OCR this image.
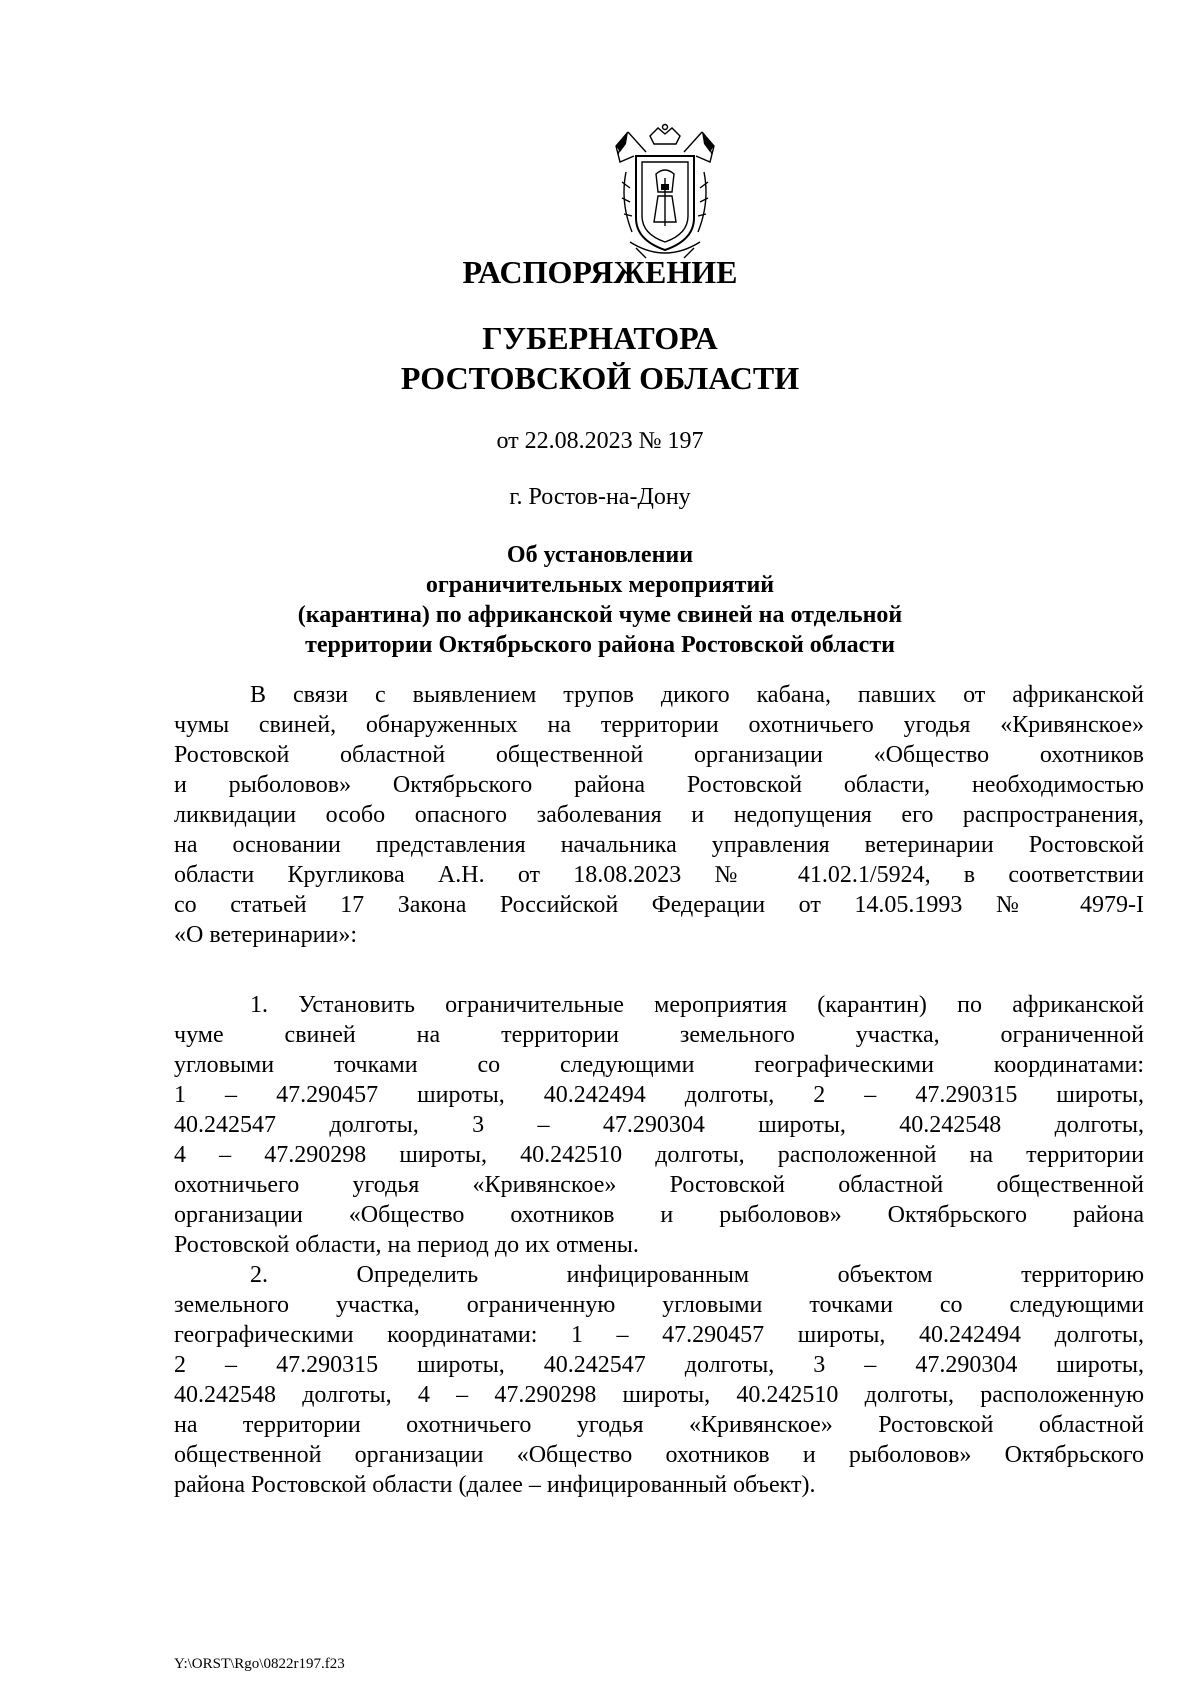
РАСПОРЯЖЕНИЕ
ГУБЕРНАТОРА
РОСТОВСКОЙ ОБЛАСТИ
от 22.08.2023 № 197
г. Ростов-на-Дону
Об установлении
ограничительных мероприятий
(карантина) по африканской чуме свиней на отдельной
территории Октябрьского района Ростовской области
В связи с выявлением трупов дикого кабана, павших от африканской
чумы свиней, обнаруженных на территории охотничьего угодья «Кривянское»
Ростовской областной общественной организации «Общество охотников
и рыболовов» Октябрьского района Ростовской области, необходимостью
ликвидации особо опасного заболевания и недопущения его распространения,
на основании представления начальника управления ветеринарии Ростовской
области Кругликова А.Н. от 18.08.2023 № 41.02.1/5924, в соответствии
со статьей 17 Закона Российской Федерации от 14.05.1993 № 4979-I
«О ветеринарии»:
1. Установить ограничительные мероприятия (карантин) по африканской
чуме свиней на территории земельного участка, ограниченной
угловыми точками со следующими географическими координатами:
1 – 47.290457 широты, 40.242494 долготы, 2 – 47.290315 широты,
40.242547 долготы, 3 – 47.290304 широты, 40.242548 долготы,
4 – 47.290298 широты, 40.242510 долготы, расположенной на территории
охотничьего угодья «Кривянское» Ростовской областной общественной
организации «Общество охотников и рыболовов» Октябрьского района
Ростовской области, на период до их отмены.
2. Определить инфицированным объектом территорию
земельного участка, ограниченную угловыми точками со следующими
географическими координатами: 1 – 47.290457 широты, 40.242494 долготы,
2 – 47.290315 широты, 40.242547 долготы, 3 – 47.290304 широты,
40.242548 долготы, 4 – 47.290298 широты, 40.242510 долготы, расположенную
на территории охотничьего угодья «Кривянское» Ростовской областной
общественной организации «Общество охотников и рыболовов» Октябрьского
района Ростовской области (далее – инфицированный объект).
Y:\ORST\Rgo\0822r197.f23
